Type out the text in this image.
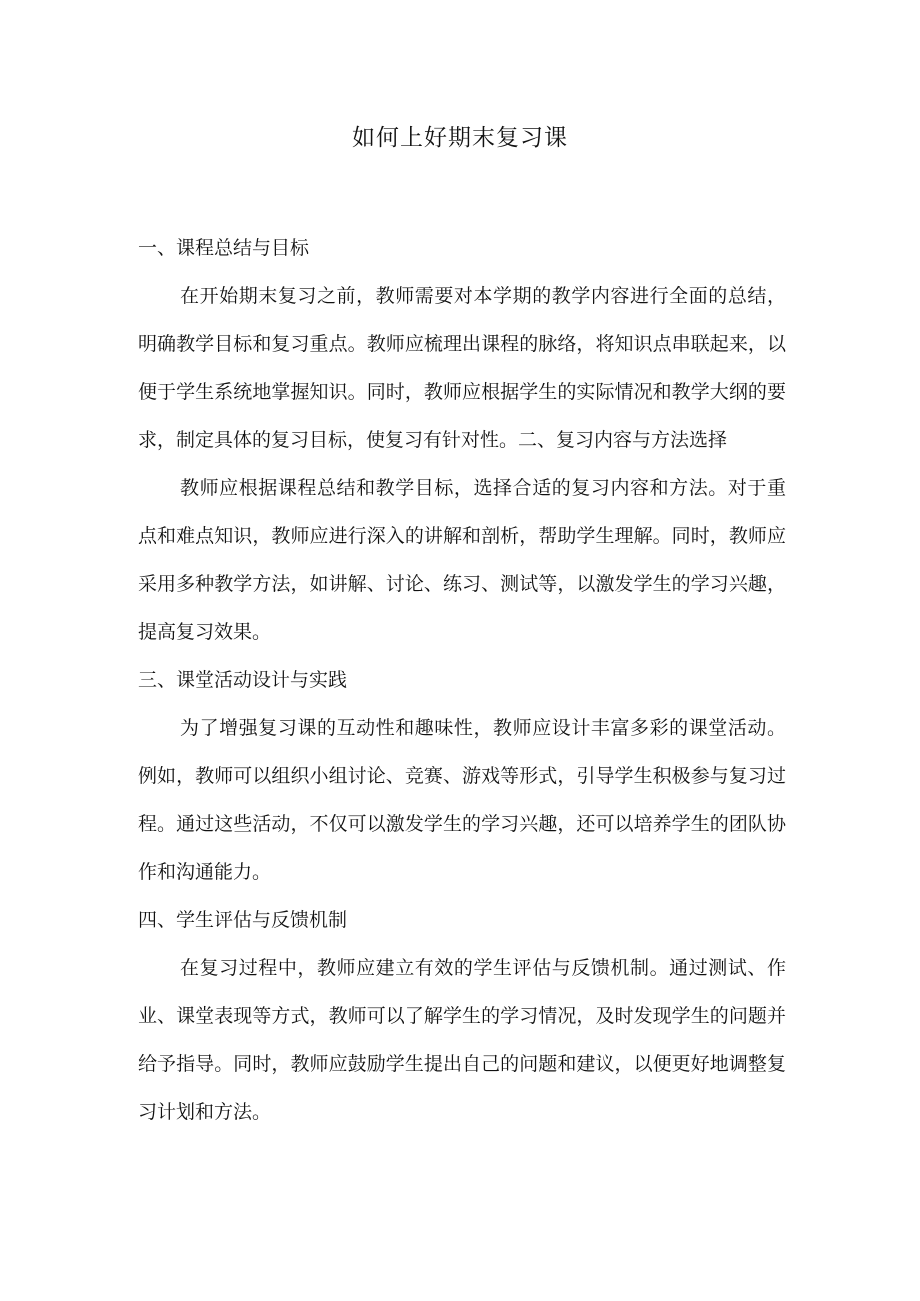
如何上好期末复习课

一、课程总结与目标

在开始期末复习之前，教师需要对本学期的教学内容进行全面的总结，明确教学目标和复习重点。教师应梳理出课程的脉络，将知识点串联起来，以便于学生系统地掌握知识。同时，教师应根据学生的实际情况和教学大纲的要求，制定具体的复习目标，使复习有针对性。二、复习内容与方法选择

教师应根据课程总结和教学目标，选择合适的复习内容和方法。对于重点和难点知识，教师应进行深入的讲解和剖析，帮助学生理解。同时，教师应采用多种教学方法，如讲解、讨论、练习、测试等，以激发学生的学习兴趣，提高复习效果。

三、课堂活动设计与实践

为了增强复习课的互动性和趣味性，教师应设计丰富多彩的课堂活动。例如，教师可以组织小组讨论、竞赛、游戏等形式，引导学生积极参与复习过程。通过这些活动，不仅可以激发学生的学习兴趣，还可以培养学生的团队协作和沟通能力。

四、学生评估与反馈机制

在复习过程中，教师应建立有效的学生评估与反馈机制。通过测试、作业、课堂表现等方式，教师可以了解学生的学习情况，及时发现学生的问题并给予指导。同时，教师应鼓励学生提出自己的问题和建议，以便更好地调整复习计划和方法。
